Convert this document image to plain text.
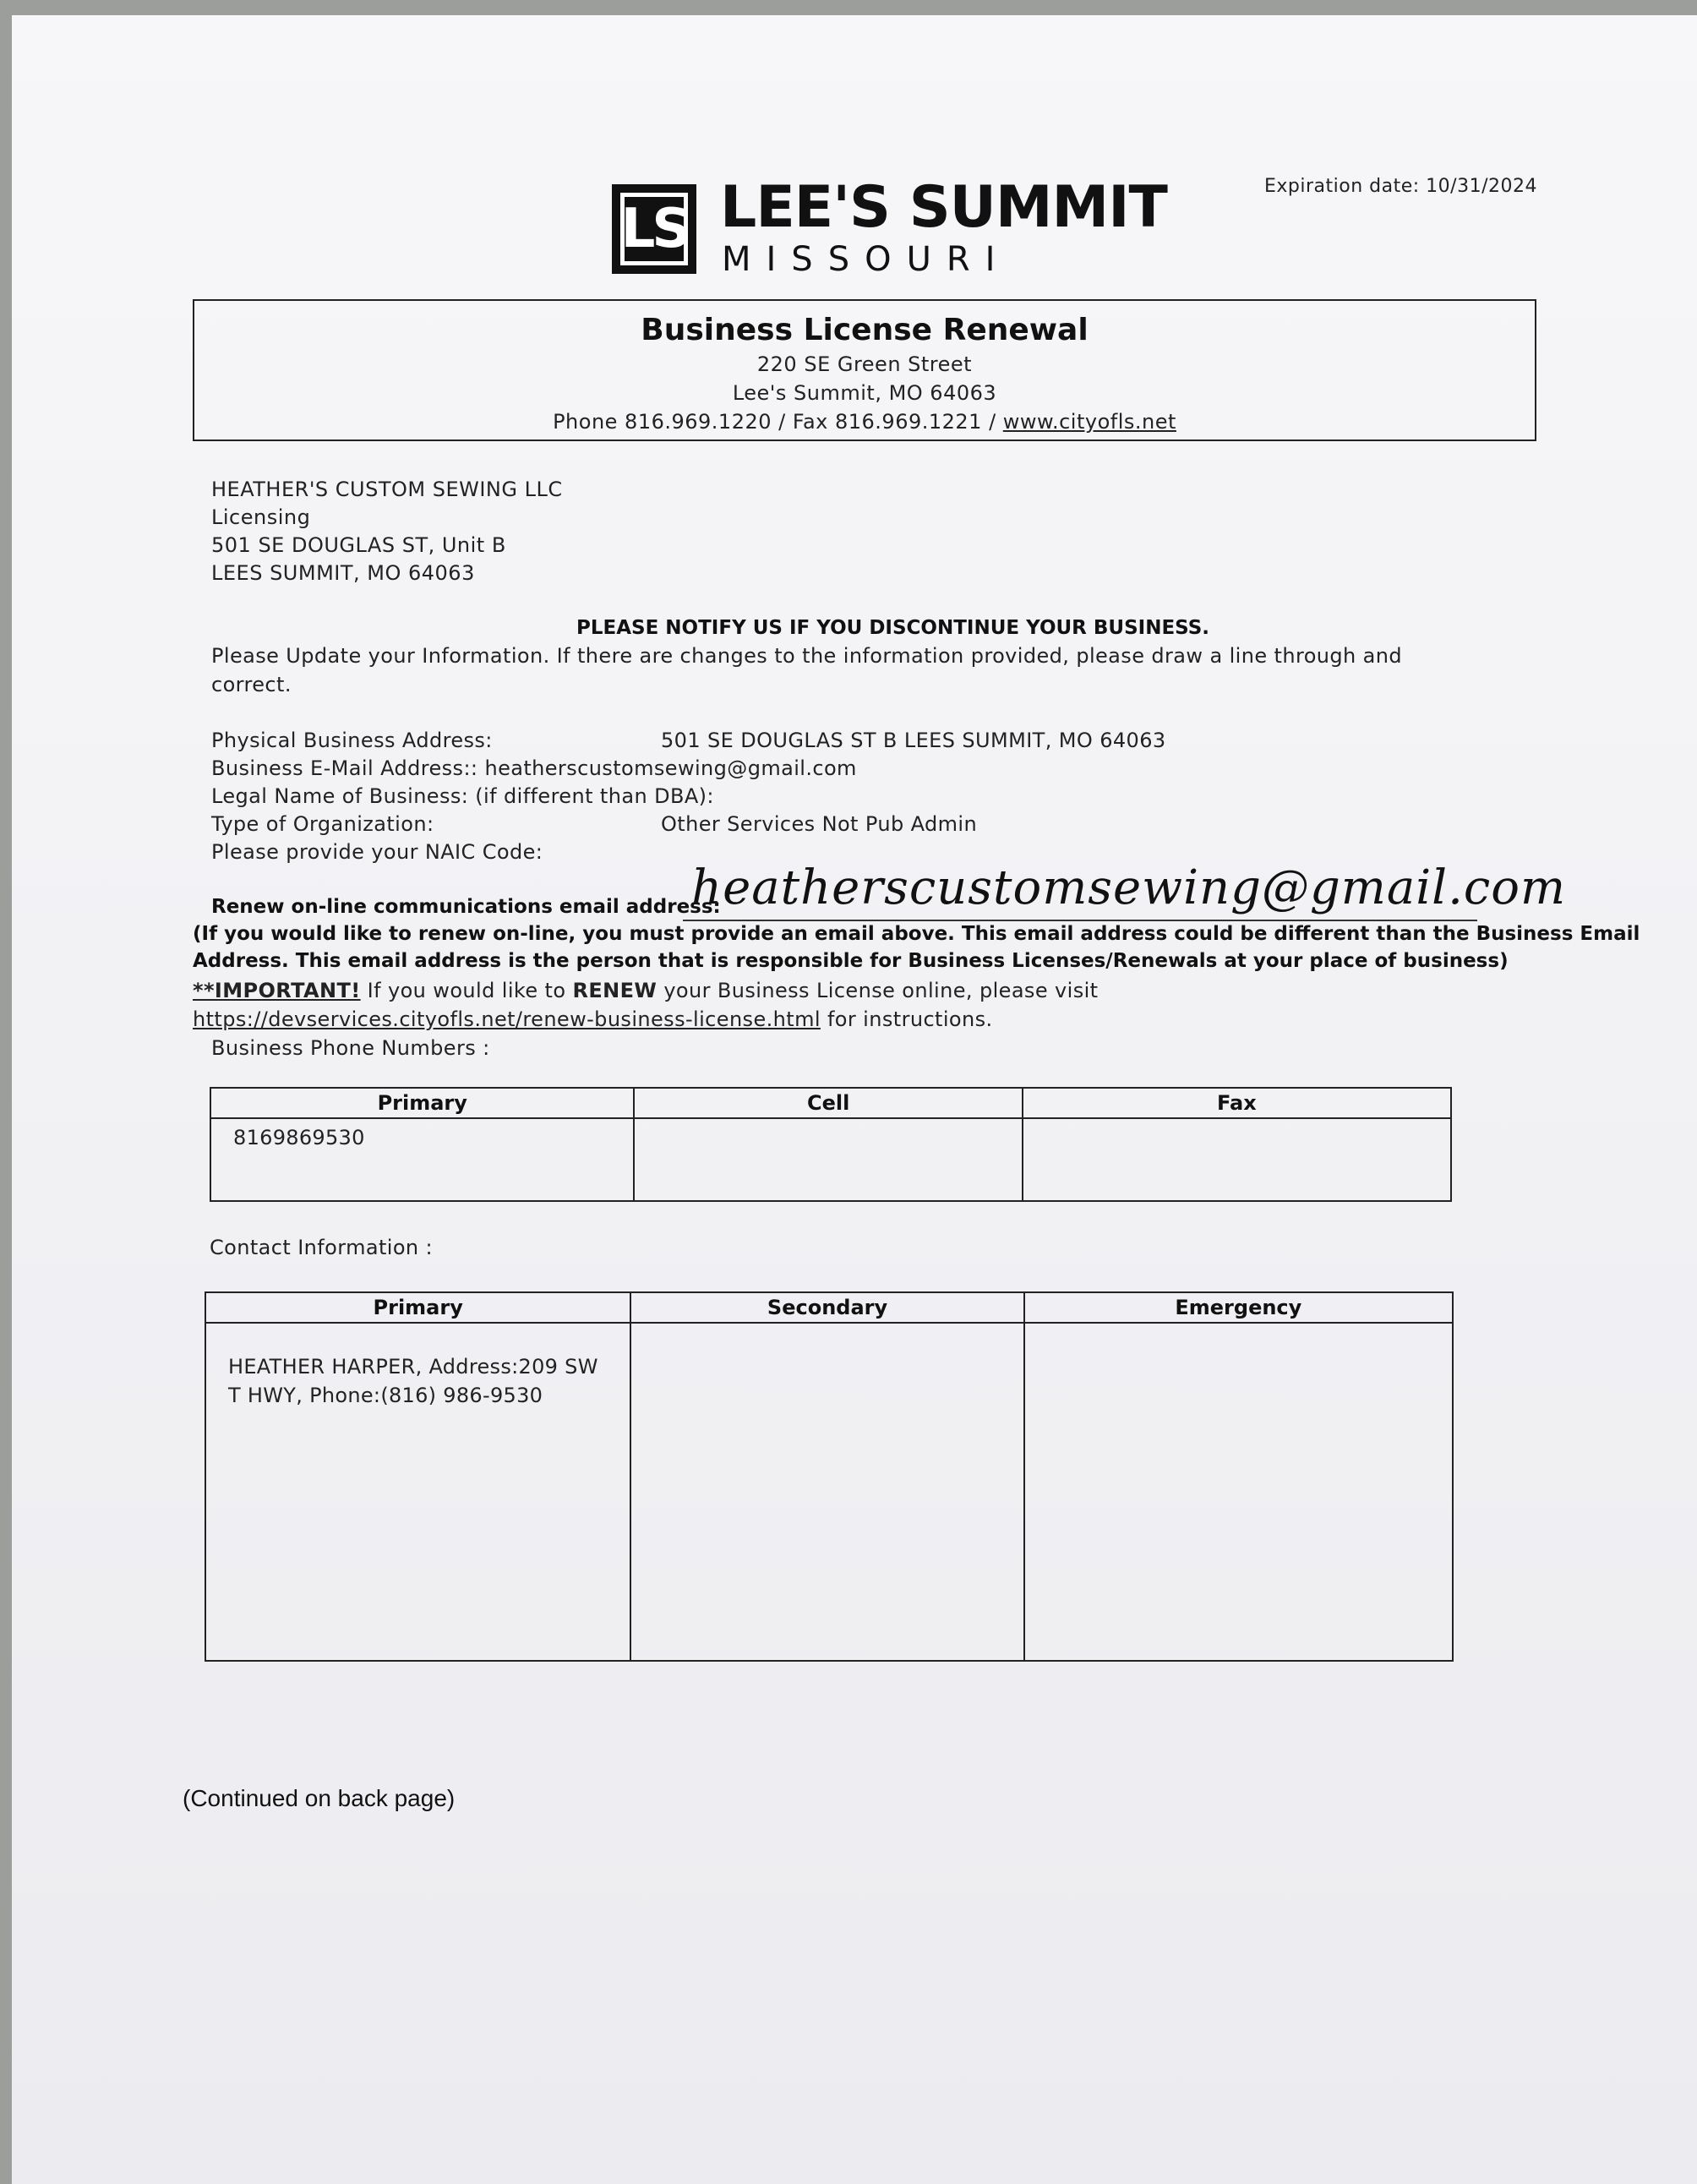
LS LEE'S SUMMIT
MISSOURI
Expiration date: 10/31/2024
Business License Renewal
220 SE Green Street
Lee's Summit, MO 64063
Phone 816.969.1220 / Fax 816.969.1221 / www.cityofls.net
HEATHER'S CUSTOM SEWING LLC
Licensing
501 SE DOUGLAS ST, Unit B
LEES SUMMIT, MO 64063
PLEASE NOTIFY US IF YOU DISCONTINUE YOUR BUSINESS.
Please Update your Information. If there are changes to the information provided, please draw a line through and
correct.
Physical Business Address:	501 SE DOUGLAS ST B LEES SUMMIT, MO 64063
Business E-Mail Address:: heatherscustomsewing@gmail.com
Legal Name of Business: (if different than DBA):
Type of Organization:	Other Services Not Pub Admin
Please provide your NAIC Code:
Renew on-line communications email address:
heatherscustomsewing@gmail.com
(If you would like to renew on-line, you must provide an email above. This email address could be different than the Business Email
Address. This email address is the person that is responsible for Business Licenses/Renewals at your place of business)
**IMPORTANT! If you would like to RENEW your Business License online, please visit
https://devservices.cityofls.net/renew-business-license.html for instructions.
Business Phone Numbers :
Primary	Cell	Fax
8169869530		
Contact Information :
Primary	Secondary	Emergency
HEATHER HARPER, Address:209 SW T HWY, Phone:(816) 986-9530		
(Continued on back page)
